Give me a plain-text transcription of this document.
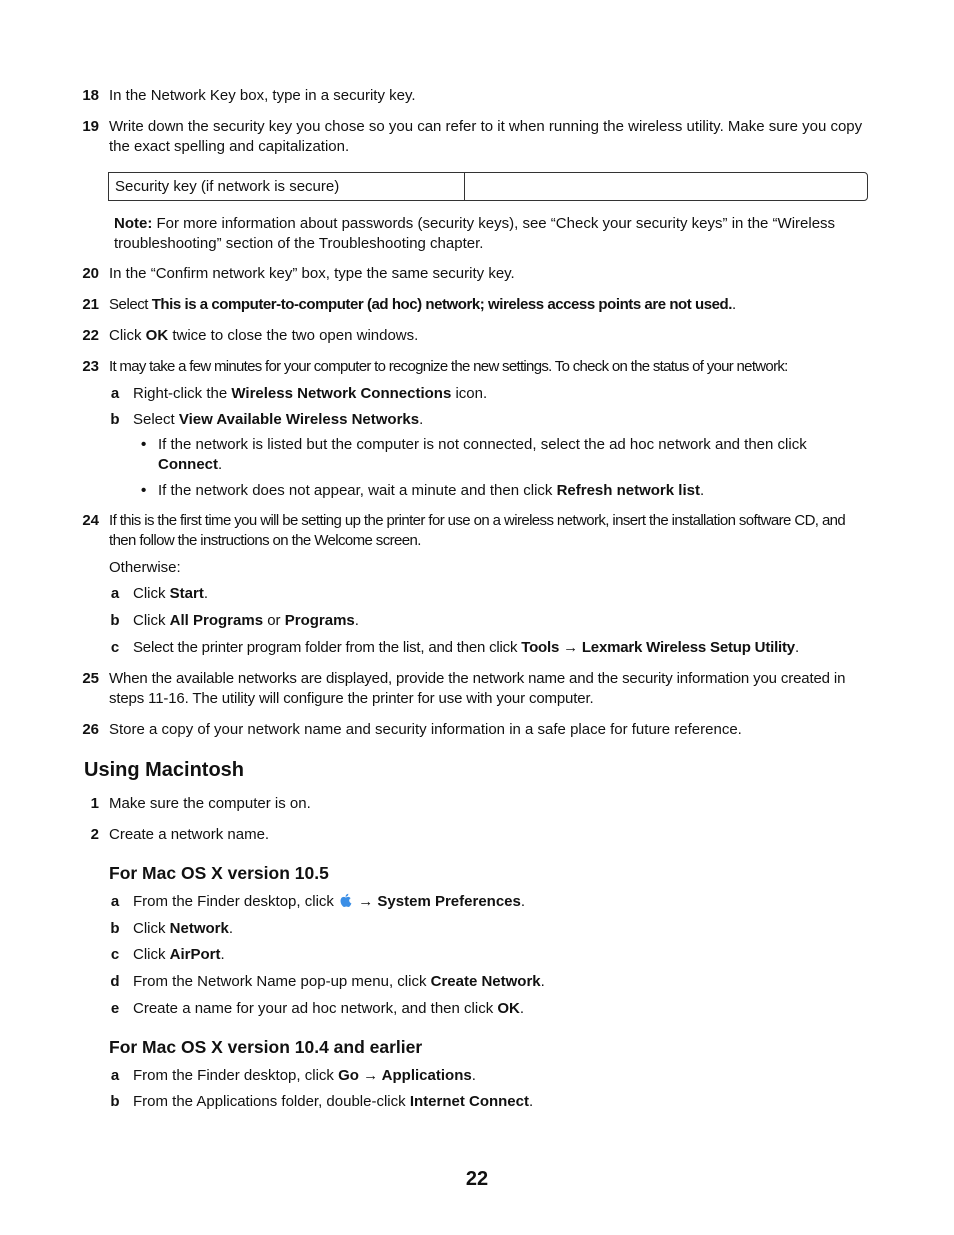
18 In the Network Key box, type in a security key.
19 Write down the security key you chose so you can refer to it when running the wireless utility. Make sure you copy the exact spelling and capitalization.
Security key (if network is secure)
Note: For more information about passwords (security keys), see “Check your security keys” in the “Wireless troubleshooting” section of the Troubleshooting chapter.
20 In the “Confirm network key” box, type the same security key.
21 Select This is a computer-to-computer (ad hoc) network; wireless access points are not used..
22 Click OK twice to close the two open windows.
23 It may take a few minutes for your computer to recognize the new settings. To check on the status of your network:
a Right-click the Wireless Network Connections icon.
b Select View Available Wireless Networks.
• If the network is listed but the computer is not connected, select the ad hoc network and then click Connect.
• If the network does not appear, wait a minute and then click Refresh network list.
24 If this is the first time you will be setting up the printer for use on a wireless network, insert the installation software CD, and then follow the instructions on the Welcome screen.
Otherwise:
a Click Start.
b Click All Programs or Programs.
c Select the printer program folder from the list, and then click Tools → Lexmark Wireless Setup Utility.
25 When the available networks are displayed, provide the network name and the security information you created in steps 11-16. The utility will configure the printer for use with your computer.
26 Store a copy of your network name and security information in a safe place for future reference.
Using Macintosh
1 Make sure the computer is on.
2 Create a network name.
For Mac OS X version 10.5
a From the Finder desktop, click  → System Preferences.
b Click Network.
c Click AirPort.
d From the Network Name pop-up menu, click Create Network.
e Create a name for your ad hoc network, and then click OK.
For Mac OS X version 10.4 and earlier
a From the Finder desktop, click Go → Applications.
b From the Applications folder, double-click Internet Connect.
22
